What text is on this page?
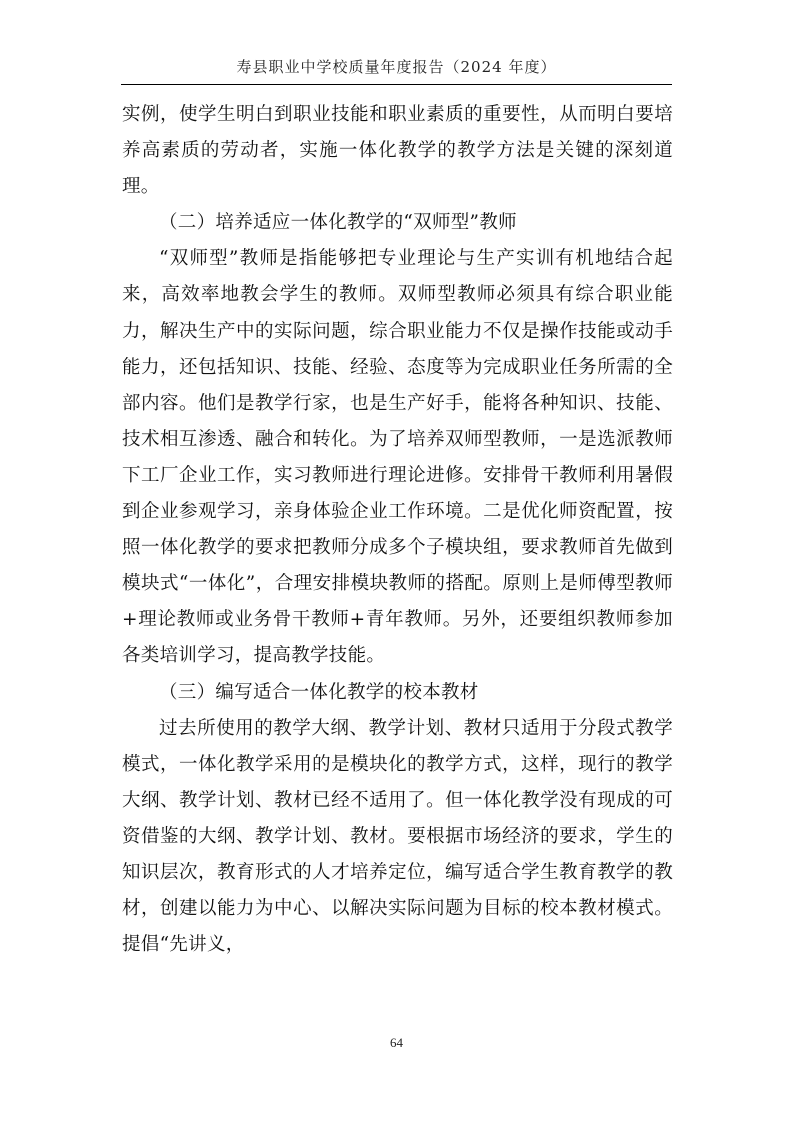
寿县职业中学校质量年度报告（2024 年度）

实例，使学生明白到职业技能和职业素质的重要性，从而明白要培养高素质的劳动者，实施一体化教学的教学方法是关键的深刻道理。

（二）培养适应一体化教学的“双师型”教师

“双师型”教师是指能够把专业理论与生产实训有机地结合起来，高效率地教会学生的教师。双师型教师必须具有综合职业能力，解决生产中的实际问题，综合职业能力不仅是操作技能或动手能力，还包括知识、技能、经验、态度等为完成职业任务所需的全部内容。他们是教学行家，也是生产好手，能将各种知识、技能、技术相互渗透、融合和转化。为了培养双师型教师，一是选派教师下工厂企业工作，实习教师进行理论进修。安排骨干教师利用暑假到企业参观学习，亲身体验企业工作环境。二是优化师资配置，按照一体化教学的要求把教师分成多个子模块组，要求教师首先做到模块式“一体化”，合理安排模块教师的搭配。原则上是师傅型教师+理论教师或业务骨干教师+青年教师。另外，还要组织教师参加各类培训学习，提高教学技能。

（三）编写适合一体化教学的校本教材

过去所使用的教学大纲、教学计划、教材只适用于分段式教学模式，一体化教学采用的是模块化的教学方式，这样，现行的教学大纲、教学计划、教材已经不适用了。但一体化教学没有现成的可资借鉴的大纲、教学计划、教材。要根据市场经济的要求，学生的知识层次，教育形式的人才培养定位，编写适合学生教育教学的教材，创建以能力为中心、以解决实际问题为目标的校本教材模式。提倡“先讲义，

64
